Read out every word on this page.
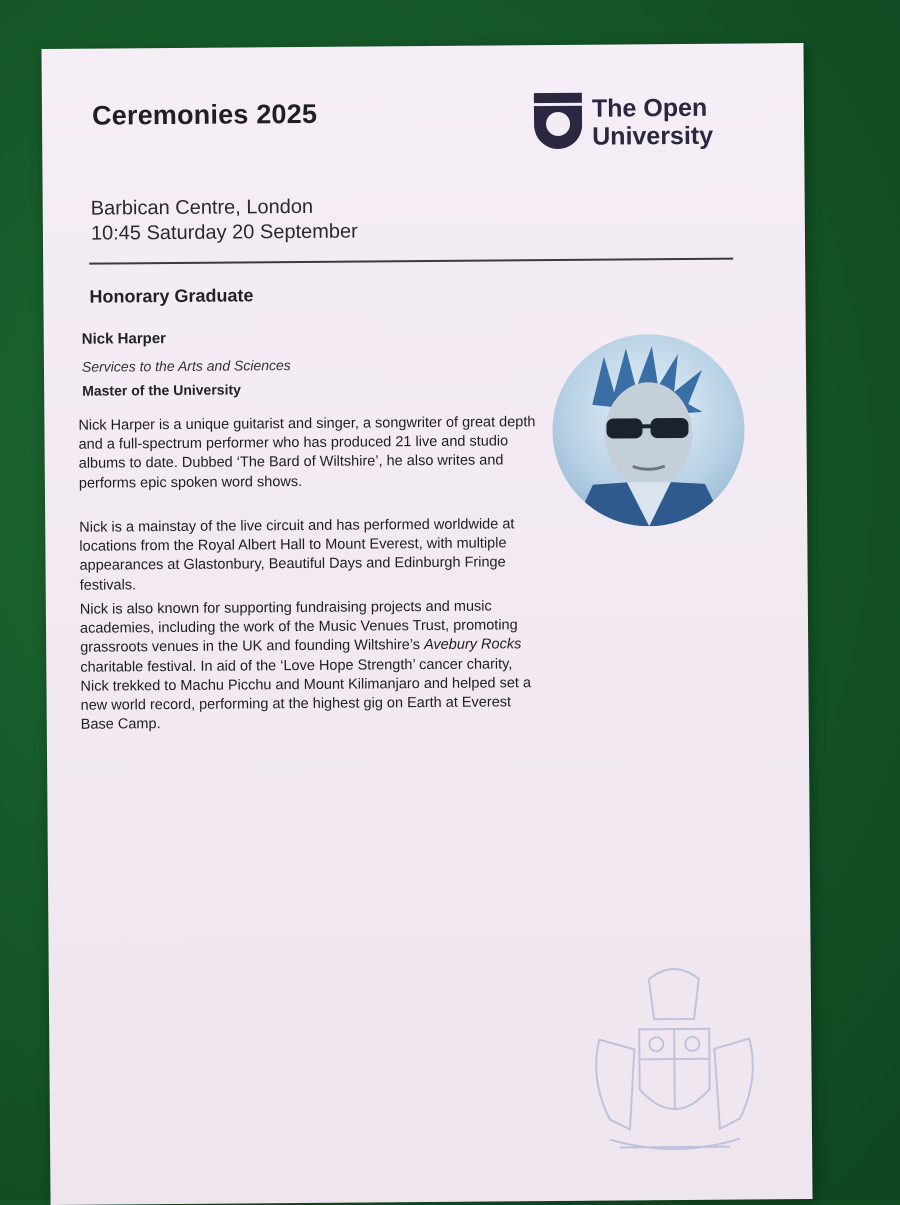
Ceremonies 2025	The Open
University
Barbican Centre, London
10:45 Saturday 20 September
Honorary Graduate
Nick Harper
Services to the Arts and Sciences
Master of the University

Nick Harper is a unique guitarist and singer, a songwriter of great depth and a full-spectrum performer who has produced 21 live and studio albums to date. Dubbed ‘The Bard of Wiltshire’, he also writes and performs epic spoken word shows.

Nick is a mainstay of the live circuit and has performed worldwide at locations from the Royal Albert Hall to Mount Everest, with multiple appearances at Glastonbury, Beautiful Days and Edinburgh Fringe festivals.

Nick is also known for supporting fundraising projects and music academies, including the work of the Music Venues Trust, promoting grassroots venues in the UK and founding Wiltshire’s Avebury Rocks charitable festival. In aid of the ‘Love Hope Strength’ cancer charity, Nick trekked to Machu Picchu and Mount Kilimanjaro and helped set a new world record, performing at the highest gig on Earth at Everest Base Camp.
